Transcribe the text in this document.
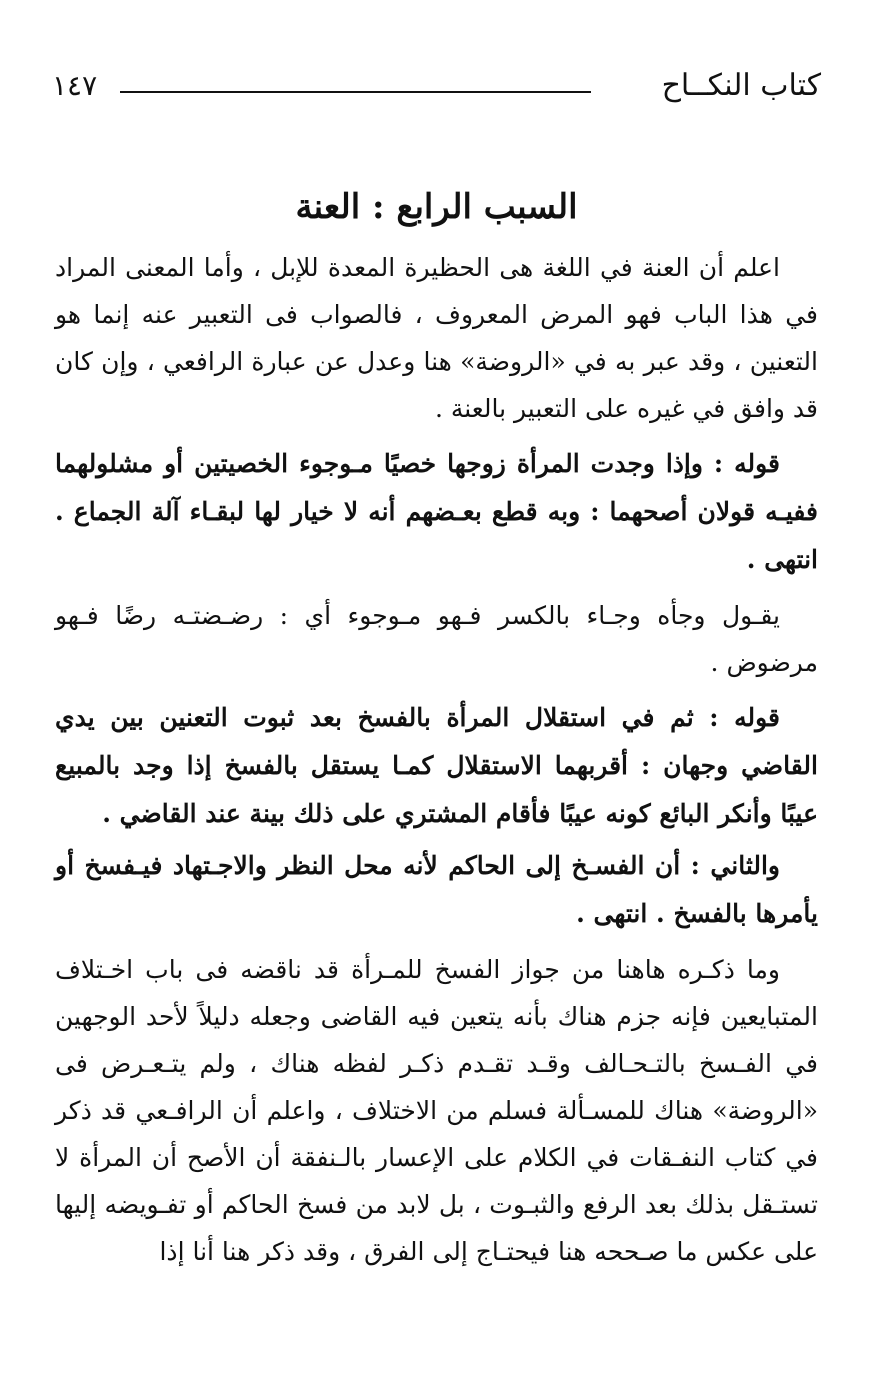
كتاب النكــاح
١٤٧
السبب الرابع : العنة

اعلم أن العنة في اللغة هى الحظيرة المعدة للإبل ، وأما المعنى المراد في هذا الباب فهو المرض المعروف ، فالصواب فى التعبير عنه إنما هو التعنين ، وقد عبر به في «الروضة» هنا وعدل عن عبارة الرافعي ، وإن كان قد وافق في غيره على التعبير بالعنة .

قوله : وإذا وجدت المرأة زوجها خصيًا مـوجوء الخصيتين أو مشلولهما ففيـه قولان أصحهما : وبه قطع بعـضهم أنه لا خيار لها لبقـاء آلة الجماع . انتهى .

يقـول وجأه وجـاء بالكسر فـهو مـوجوء أي : رضـضتـه رضًا فـهو مرضوض .

قوله : ثم في استقلال المرأة بالفسخ بعد ثبوت التعنين بين يدي القاضي وجهان : أقربهما الاستقلال كمـا يستقل بالفسخ إذا وجد بالمبيع عيبًا وأنكر البائع كونه عيبًا فأقام المشتري على ذلك بينة عند القاضي .

والثاني : أن الفسـخ إلى الحاكم لأنه محل النظر والاجـتهاد فيـفسخ أو يأمرها بالفسخ . انتهى .

وما ذكـره هاهنا من جواز الفسخ للمـرأة قد ناقضه فى باب اخـتلاف المتبايعين فإنه جزم هناك بأنه يتعين فيه القاضى وجعله دليلاً لأحد الوجهين في الفـسخ بالتـحـالف وقـد تقـدم ذكـر لفظه هناك ، ولم يتـعـرض فى «الروضة» هناك للمسـألة فسلم من الاختلاف ، واعلم أن الرافـعي قد ذكر في كتاب النفـقات في الكلام على الإعسار بالـنفقة أن الأصح أن المرأة لا تستـقل بذلك بعد الرفع والثبـوت ، بل لابد من فسخ الحاكم أو تفـويضه إليها على عكس ما صـححه هنا فيحتـاج إلى الفرق ، وقد ذكر هنا أنا إذا
